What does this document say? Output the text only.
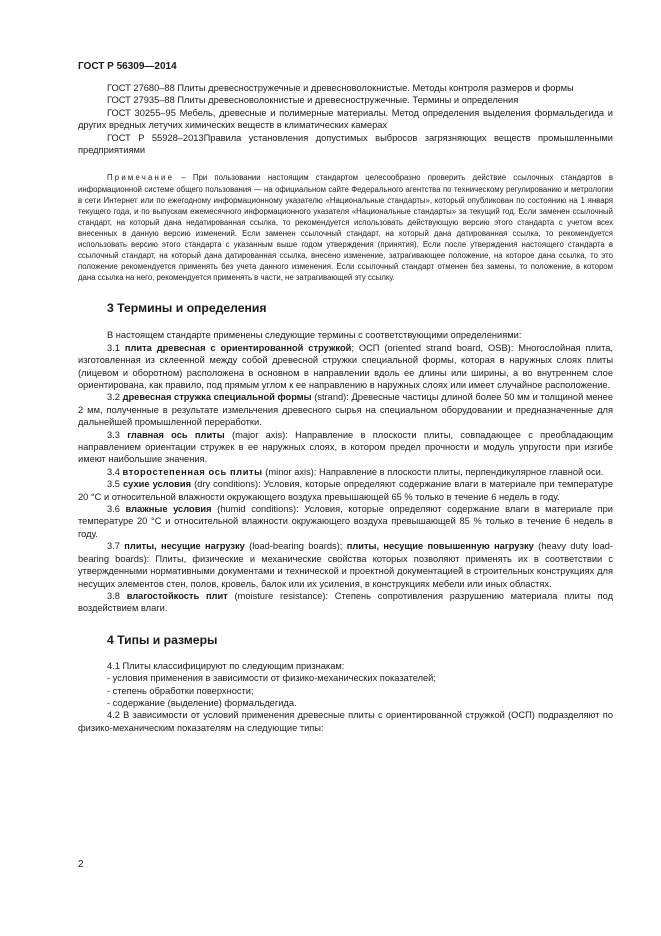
ГОСТ Р 56309—2014

ГОСТ 27680–88 Плиты древесностружечные и древесноволокнистые. Методы контроля размеров и формы

ГОСТ 27935–88 Плиты древесноволокнистые и древесностружечные. Термины и определения

ГОСТ 30255–95 Мебель, древесные и полимерные материалы. Метод определения выделения формальдегида и других вредных летучих химических веществ в климатических камерах

ГОСТ Р 55928–2013Правила установления допустимых выбросов загрязняющих веществ промышленными предприятиями

Примечание – При пользовании настоящим стандартом целесообразно проверить действие ссылочных стандартов в информационной системе общего пользования — на официальном сайте Федерального агентства по техническому регулированию и метрологии в сети Интернет или по ежегодному информационному указателю «Национальные стандарты», который опубликован по состоянию на 1 января текущего года, и по выпускам ежемесячного информационного указателя «Национальные стандарты» за текущий год. Если заменен ссылочный стандарт, на который дана недатированная ссылка, то рекомендуется использовать действующую версию этого стандарта с учетом всех внесенных в данную версию изменений. Если заменен ссылочный стандарт, на который дана датированная ссылка, то рекомендуется использовать версию этого стандарта с указанным выше годом утверждения (принятия). Если после утверждения настоящего стандарта в ссылочный стандарт, на который дана датированная ссылка, внесено изменение, затрагивающее положение, на которое дана ссылка, то это положение рекомендуется применять без учета данного изменения. Если ссылочный стандарт отменен без замены, то положение, в котором дана ссылка на него, рекомендуется применять в части, не затрагивающей эту ссылку.

3 Термины и определения

В настоящем стандарте применены следующие термины с соответствующими определениями:

3.1 плита древесная с ориентированной стружкой; ОСП (oriented strand board, OSB): Многослойная плита, изготовленная из склеенной между собой древесной стружки специальной формы, которая в наружных слоях плиты (лицевом и оборотном) расположена в основном в направлении вдоль ее длины или ширины, а во внутреннем слое ориентирована, как правило, под прямым углом к ее направлению в наружных слоях или имеет случайное расположение.

3.2 древесная стружка специальной формы (strand): Древесные частицы длиной более 50 мм и толщиной менее 2 мм, полученные в результате измельчения древесного сырья на специальном оборудовании и предназначенные для дальнейшей промышленной переработки.

3.3 главная ось плиты (major axis): Направление в плоскости плиты, совпадающее с преобладающим направлением ориентации стружек в ее наружных слоях, в котором предел прочности и модуль упругости при изгибе имеют наибольшие значения.

3.4 второстепенная ось плиты (minor axis): Направление в плоскости плиты, перпендикулярное главной оси.

3.5 сухие условия (dry conditions): Условия, которые определяют содержание влаги в материале при температуре 20 °C и относительной влажности окружающего воздуха превышающей 65 % только в течение 6 недель в году.

3.6 влажные условия (humid conditions): Условия, которые определяют содержание влаги в материале при температуре 20 °C и относительной влажности окружающего воздуха превышающей 85 % только в течение 6 недель в году.

3.7 плиты, несущие нагрузку (load-bearing boards); плиты, несущие повышенную нагрузку (heavy duty load-bearing boards): Плиты, физические и механические свойства которых позволяют применять их в соответствии с утвержденными нормативными документами и технической и проектной документацией в строительных конструкциях для несущих элементов стен, полов, кровель, балок или их усиления, в конструкциях мебели или иных областях.

3.8 влагостойкость плит (moisture resistance): Степень сопротивления разрушению материала плиты под воздействием влаги.

4 Типы и размеры

4.1 Плиты классифицируют по следующим признакам:

- условия применения в зависимости от физико-механических показателей;

- степень обработки поверхности;

- содержание (выделение) формальдегида.

4.2 В зависимости от условий применения древесные плиты с ориентированной стружкой (ОСП) подразделяют по физико-механическим показателям на следующие типы:

2
